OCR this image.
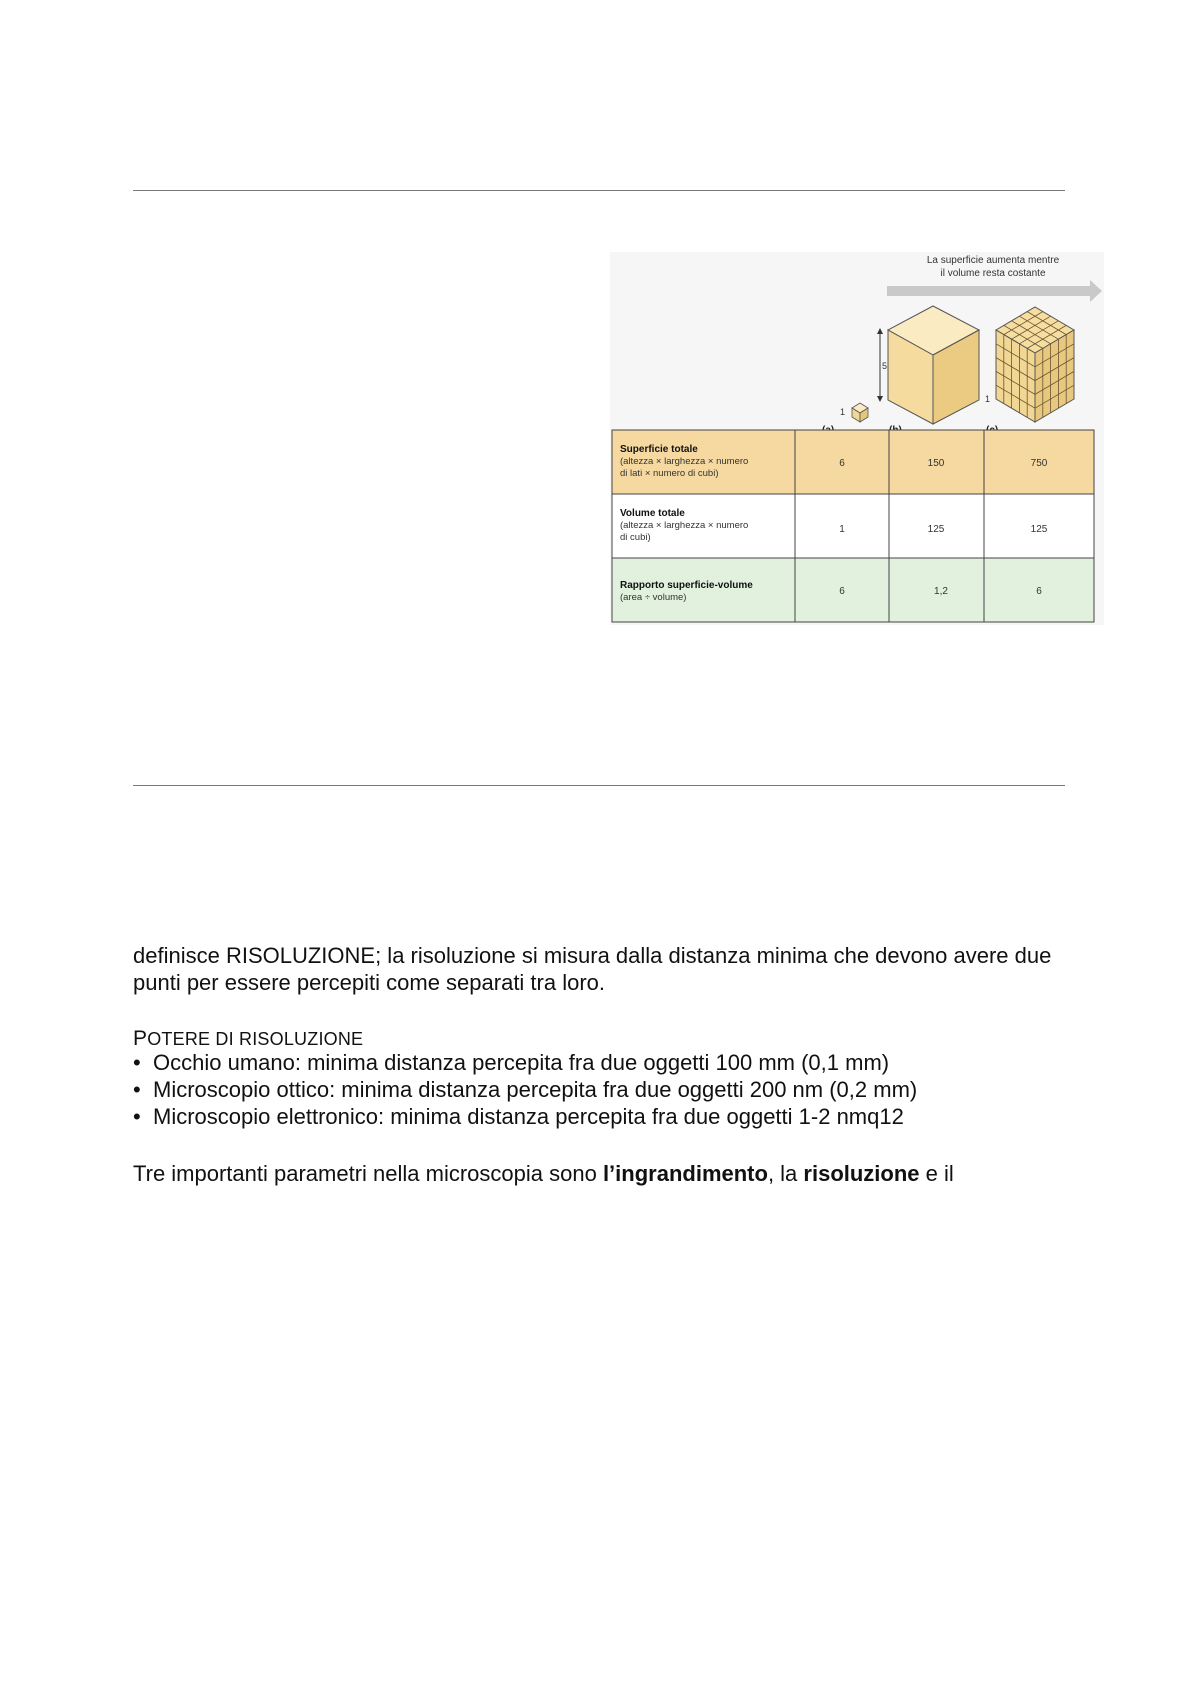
La superficie aumenta mentre
il volume resta costante
1
5
1
Superficie totale
(altezza × larghezza × numero
di lati × numero di cubi)
6	150	750
Volume totale
(altezza × larghezza × numero
di cubi)
1	125	125
Rapporto superficie-volume
(area ÷ volume)
6	1,2	6
definisce RISOLUZIONE; la risoluzione si misura dalla distanza minima che devono avere due punti per essere percepiti come separati tra loro.
POTERE DI RISOLUZIONE
• Occhio umano: minima distanza percepita fra due oggetti 100 mm (0,1 mm)
• Microscopio ottico: minima distanza percepita fra due oggetti 200 nm (0,2 mm)
• Microscopio elettronico: minima distanza percepita fra due oggetti 1-2 nmq12
Tre importanti parametri nella microscopia sono l’ingrandimento, la risoluzione e il
